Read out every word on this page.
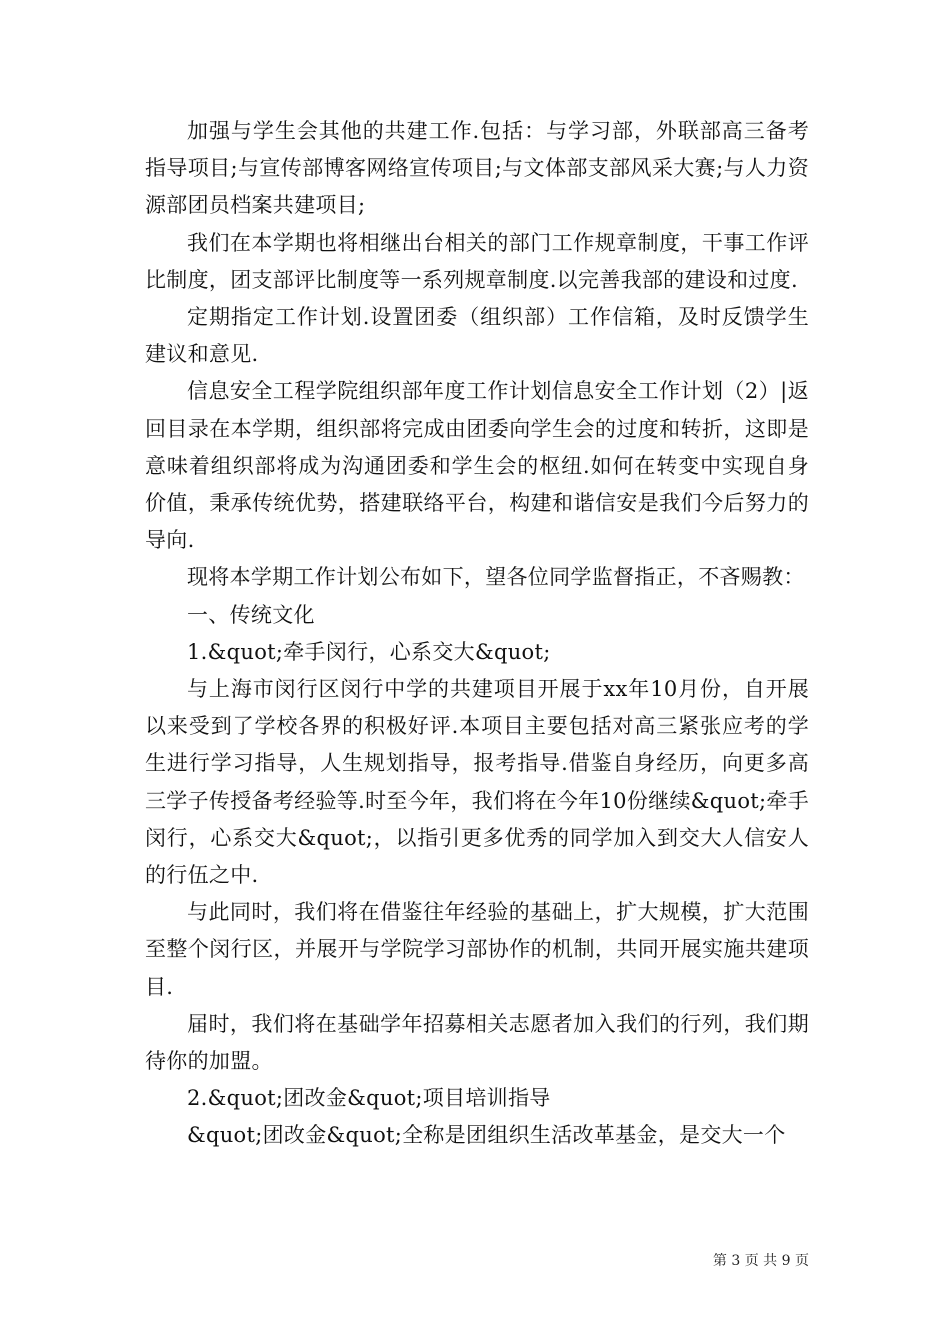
加强与学生会其他的共建工作.包括：与学习部，外联部高三备考指导项目;与宣传部博客网络宣传项目;与文体部支部风采大赛;与人力资源部团员档案共建项目;

我们在本学期也将相继出台相关的部门工作规章制度，干事工作评比制度，团支部评比制度等一系列规章制度.以完善我部的建设和过度.

定期指定工作计划.设置团委（组织部）工作信箱，及时反馈学生建议和意见.

信息安全工程学院组织部年度工作计划信息安全工作计划（2）|返回目录在本学期，组织部将完成由团委向学生会的过度和转折，这即是意味着组织部将成为沟通团委和学生会的枢纽.如何在转变中实现自身价值，秉承传统优势，搭建联络平台，构建和谐信安是我们今后努力的导向.

现将本学期工作计划公布如下，望各位同学监督指正，不吝赐教：

一、传统文化

1.&quot;牵手闵行，心系交大&quot;

与上海市闵行区闵行中学的共建项目开展于xx年10月份，自开展以来受到了学校各界的积极好评.本项目主要包括对高三紧张应考的学生进行学习指导，人生规划指导，报考指导.借鉴自身经历，向更多高三学子传授备考经验等.时至今年，我们将在今年10份继续&quot;牵手闵行，心系交大&quot;，以指引更多优秀的同学加入到交大人信安人的行伍之中.

与此同时，我们将在借鉴往年经验的基础上，扩大规模，扩大范围至整个闵行区，并展开与学院学习部协作的机制，共同开展实施共建项目.

届时，我们将在基础学年招募相关志愿者加入我们的行列，我们期待你的加盟。

2.&quot;团改金&quot;项目培训指导

&quot;团改金&quot;全称是团组织生活改革基金，是交大一个

第 3 页 共 9 页
